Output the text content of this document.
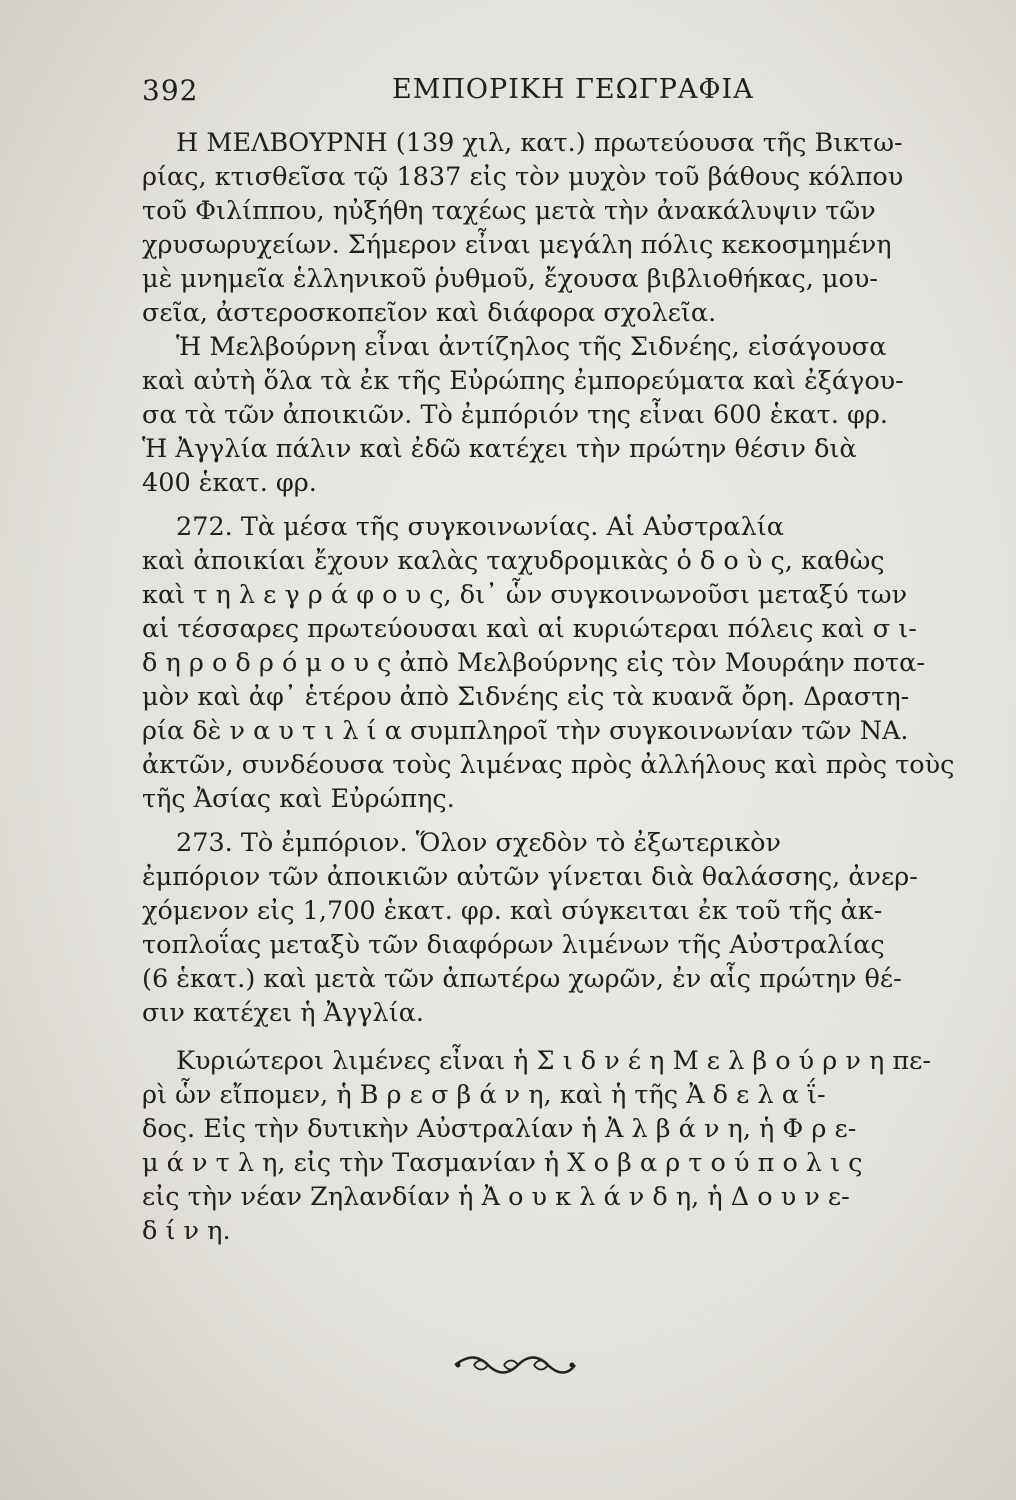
392	ΕΜΠΟΡΙΚΗ ΓΕΩΓΡΑΦΙΑ
Η ΜΕΛΒΟΥΡΝΗ (139 χιλ, κατ.) πρωτεύουσα τῆς Βικτω-
ρίας, κτισθεῖσα τῷ 1837 εἰς τὸν μυχὸν τοῦ βάθους κόλπου
τοῦ Φιλίππου, ηὐξήθη ταχέως μετὰ τὴν ἀνακάλυψιν τῶν
χρυσωρυχείων. Σήμερον εἶναι μεγάλη πόλις κεκοσμημένη
μὲ μνημεῖα ἑλληνικοῦ ῥυθμοῦ, ἔχουσα βιβλιοθήκας, μου-
σεῖα, ἀστεροσκοπεῖον καὶ διάφορα σχολεῖα.
Ἡ Μελβούρνη εἶναι ἀντίζηλος τῆς Σιδνέης, εἰσάγουσα
καὶ αὐτὴ ὅλα τὰ ἐκ τῆς Εὐρώπης ἐμπορεύματα καὶ ἐξάγου-
σα τὰ τῶν ἀποικιῶν. Τὸ ἐμπόριόν της εἶναι 600 ἑκατ. φρ.
Ἡ Ἀγγλία πάλιν καὶ ἐδῶ κατέχει τὴν πρώτην θέσιν διὰ
400 ἑκατ. φρ.
272. Τὰ μέσα τῆς συγκοινωνίας. Αἱ Αὐστραλία
καὶ ἀποικίαι ἔχουν καλὰς ταχυδρομικὰς ὁ δ ο ὺ ς, καθὼς
καὶ τ η λ ε γ ρ ά φ ο υ ς, δι᾽ ὧν συγκοινωνοῦσι μεταξύ των
αἱ τέσσαρες πρωτεύουσαι καὶ αἱ κυριώτεραι πόλεις καὶ σ ι-
δ η ρ ο δ ρ ό μ ο υ ς ἀπὸ Μελβούρνης εἰς τὸν Μουράην ποτα-
μὸν καὶ ἀφ᾽ ἑτέρου ἀπὸ Σιδνέης εἰς τὰ κυανᾶ ὄρη. Δραστη-
ρία δὲ ν α υ τ ι λ ί α συμπληροῖ τὴν συγκοινωνίαν τῶν ΝΑ.
ἀκτῶν, συνδέουσα τοὺς λιμένας πρὸς ἀλλήλους καὶ πρὸς τοὺς
τῆς Ἀσίας καὶ Εὐρώπης.
273. Τὸ ἐμπόριον. Ὅλον σχεδὸν τὸ ἐξωτερικὸν
ἐμπόριον τῶν ἀποικιῶν αὐτῶν γίνεται διὰ θαλάσσης, ἀνερ-
χόμενον εἰς 1,700 ἑκατ. φρ. καὶ σύγκειται ἐκ τοῦ τῆς ἀκ-
τοπλοΐας μεταξὺ τῶν διαφόρων λιμένων τῆς Αὐστραλίας
(6 ἑκατ.) καὶ μετὰ τῶν ἀπωτέρω χωρῶν, ἐν αἷς πρώτην θέ-
σιν κατέχει ἡ Ἀγγλία.
Κυριώτεροι λιμένες εἶναι ἡ Σ ι δ ν έ η Μ ε λ β ο ύ ρ ν η πε-
ρὶ ὧν εἴπομεν, ἡ Β ρ ε σ β ά ν η, καὶ ἡ τῆς Ἀ δ ε λ α ΐ-
δος. Εἰς τὴν δυτικὴν Αὐστραλίαν ἡ Ἀ λ β ά ν η, ἡ Φ ρ ε-
μ ά ν τ λ η, εἰς τὴν Τασμανίαν ἡ Χ ο β α ρ τ ο ύ π ο λ ι ς
εἰς τὴν νέαν Ζηλανδίαν ἡ Ἀ ο υ κ λ ά ν δ η, ἡ Δ ο υ ν ε-
δ ί ν η.
